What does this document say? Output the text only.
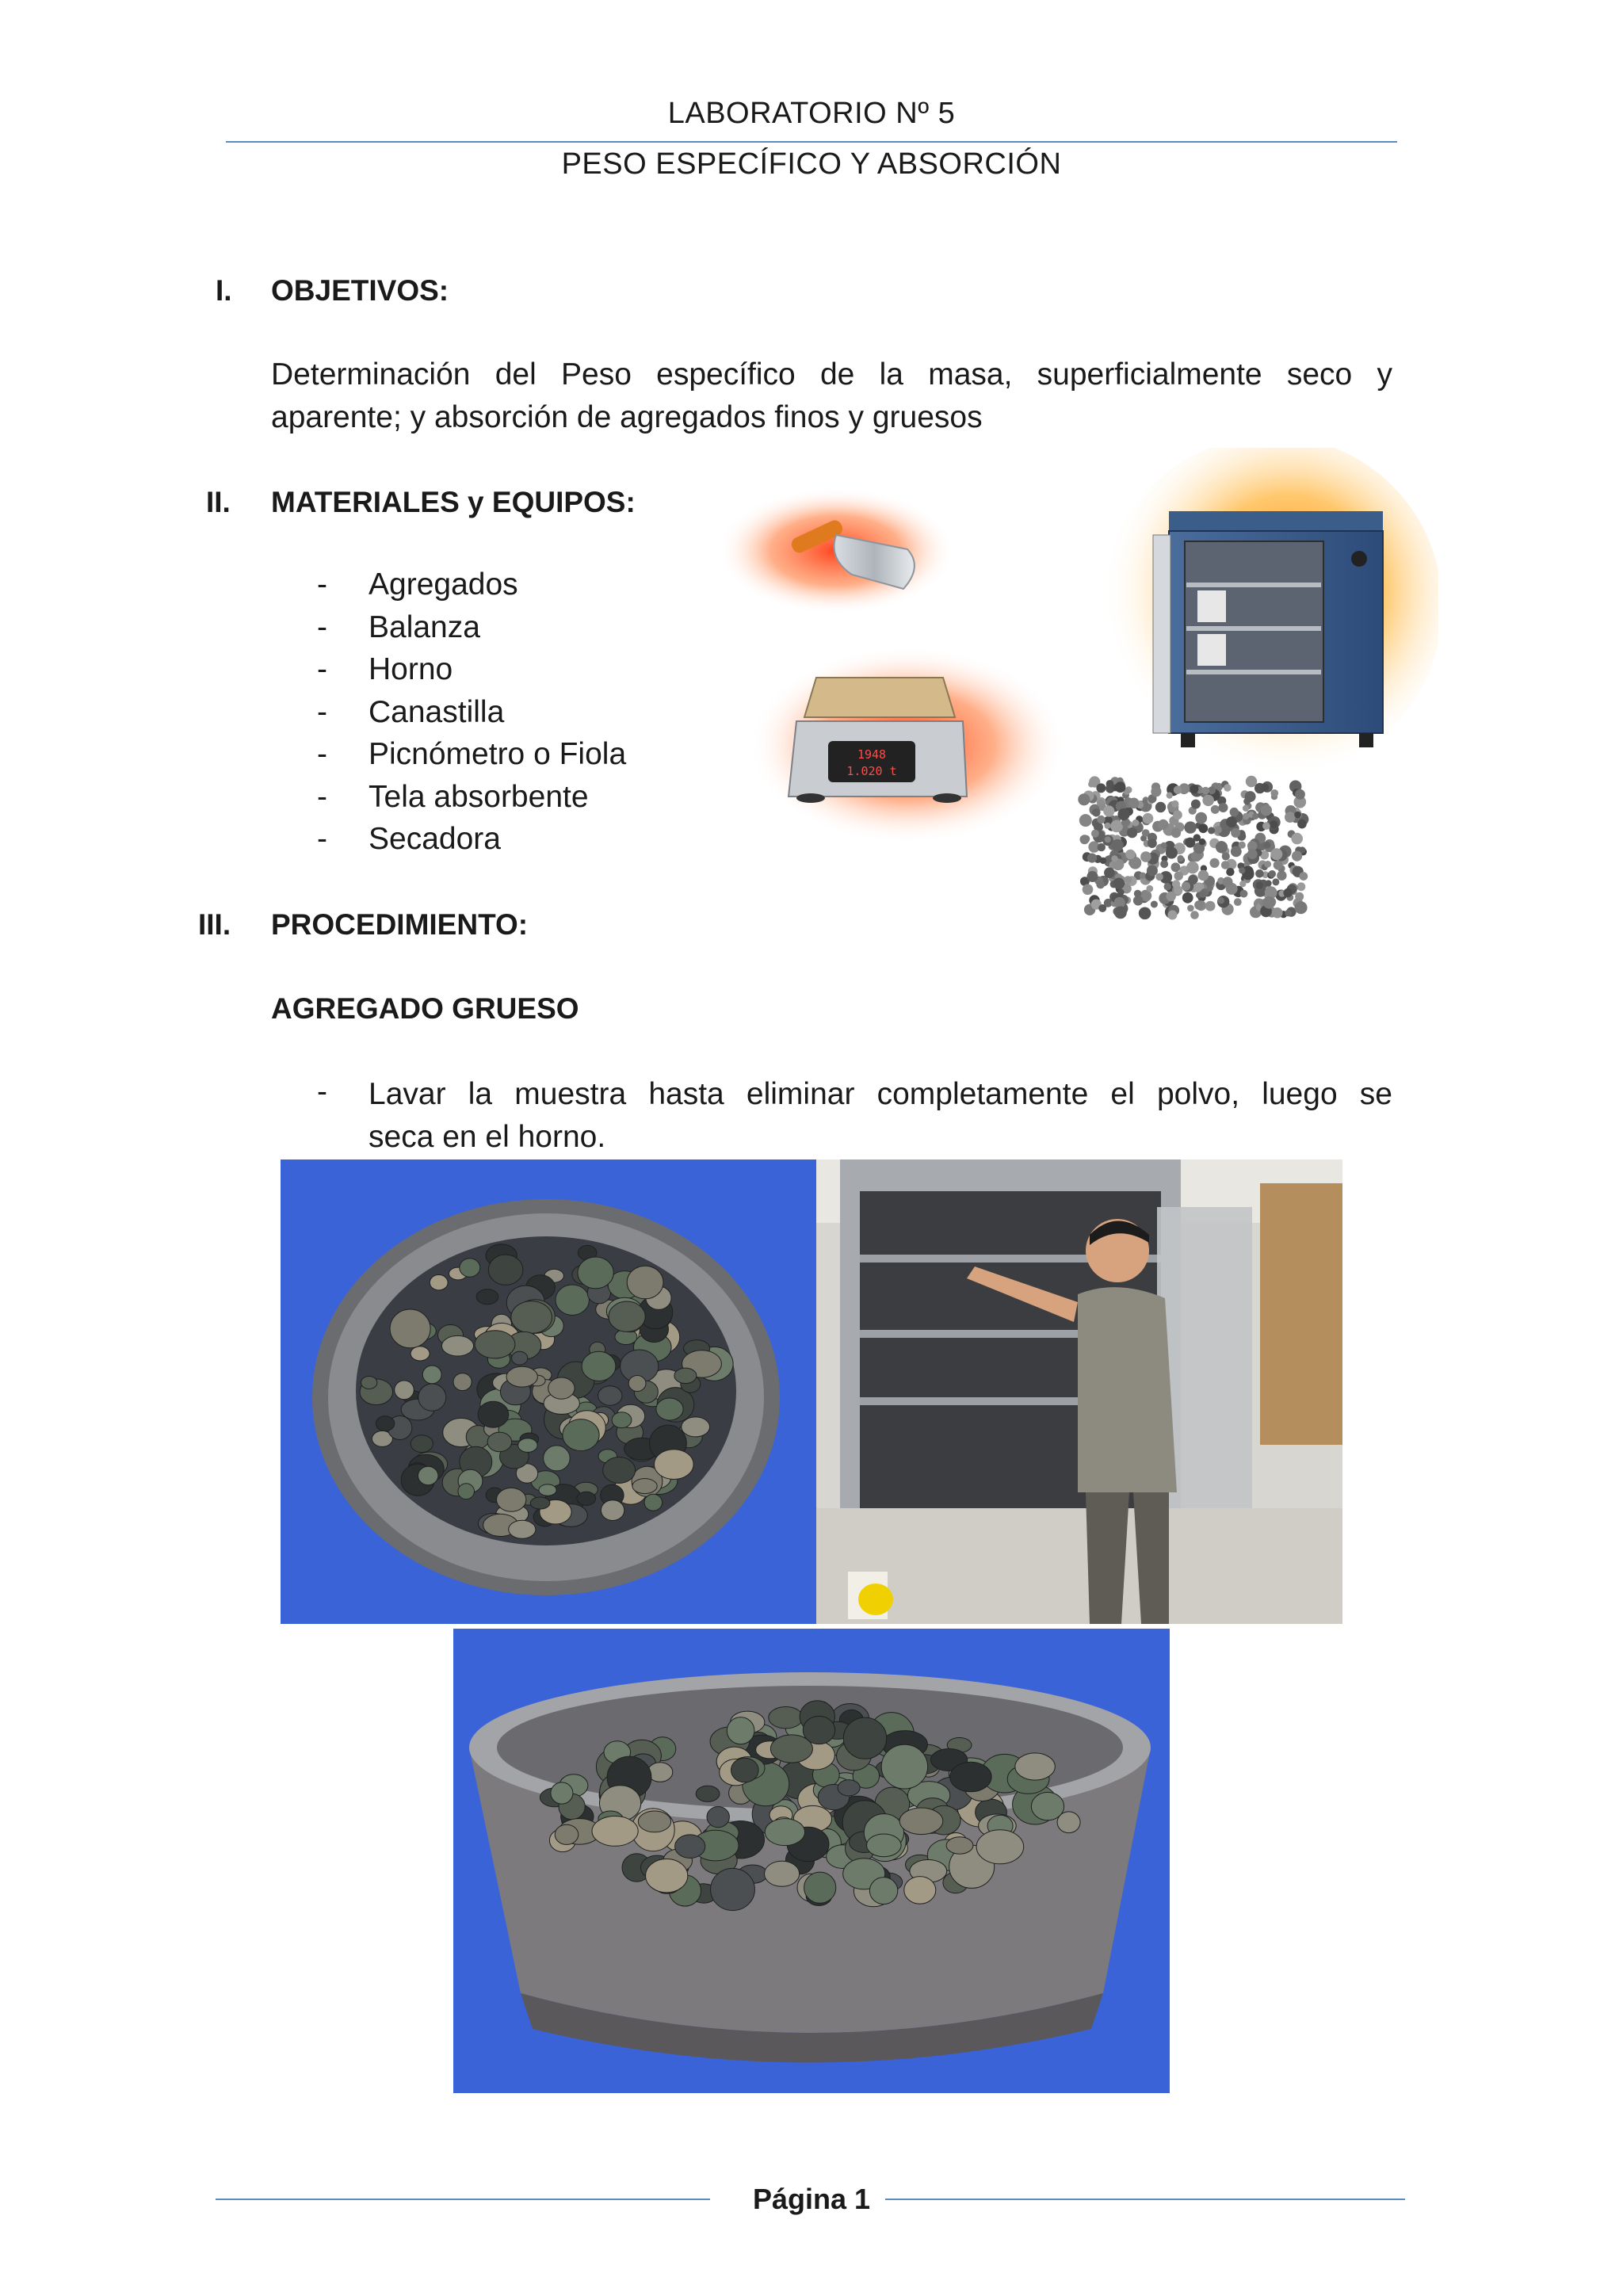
LABORATORIO Nº 5
PESO ESPECÍFICO Y ABSORCIÓN
I. OBJETIVOS:
Determinación del Peso específico de la masa, superficialmente seco y
aparente; y absorción de agregados finos y gruesos
II. MATERIALES y EQUIPOS:
- Agregados
- Balanza
- Horno
- Canastilla
- Picnómetro o Fiola
- Tela absorbente
- Secadora
1948
1.020 t
III. PROCEDIMIENTO:
AGREGADO GRUESO
- Lavar la muestra hasta eliminar completamente el polvo, luego se
seca en el horno.
Página 1
